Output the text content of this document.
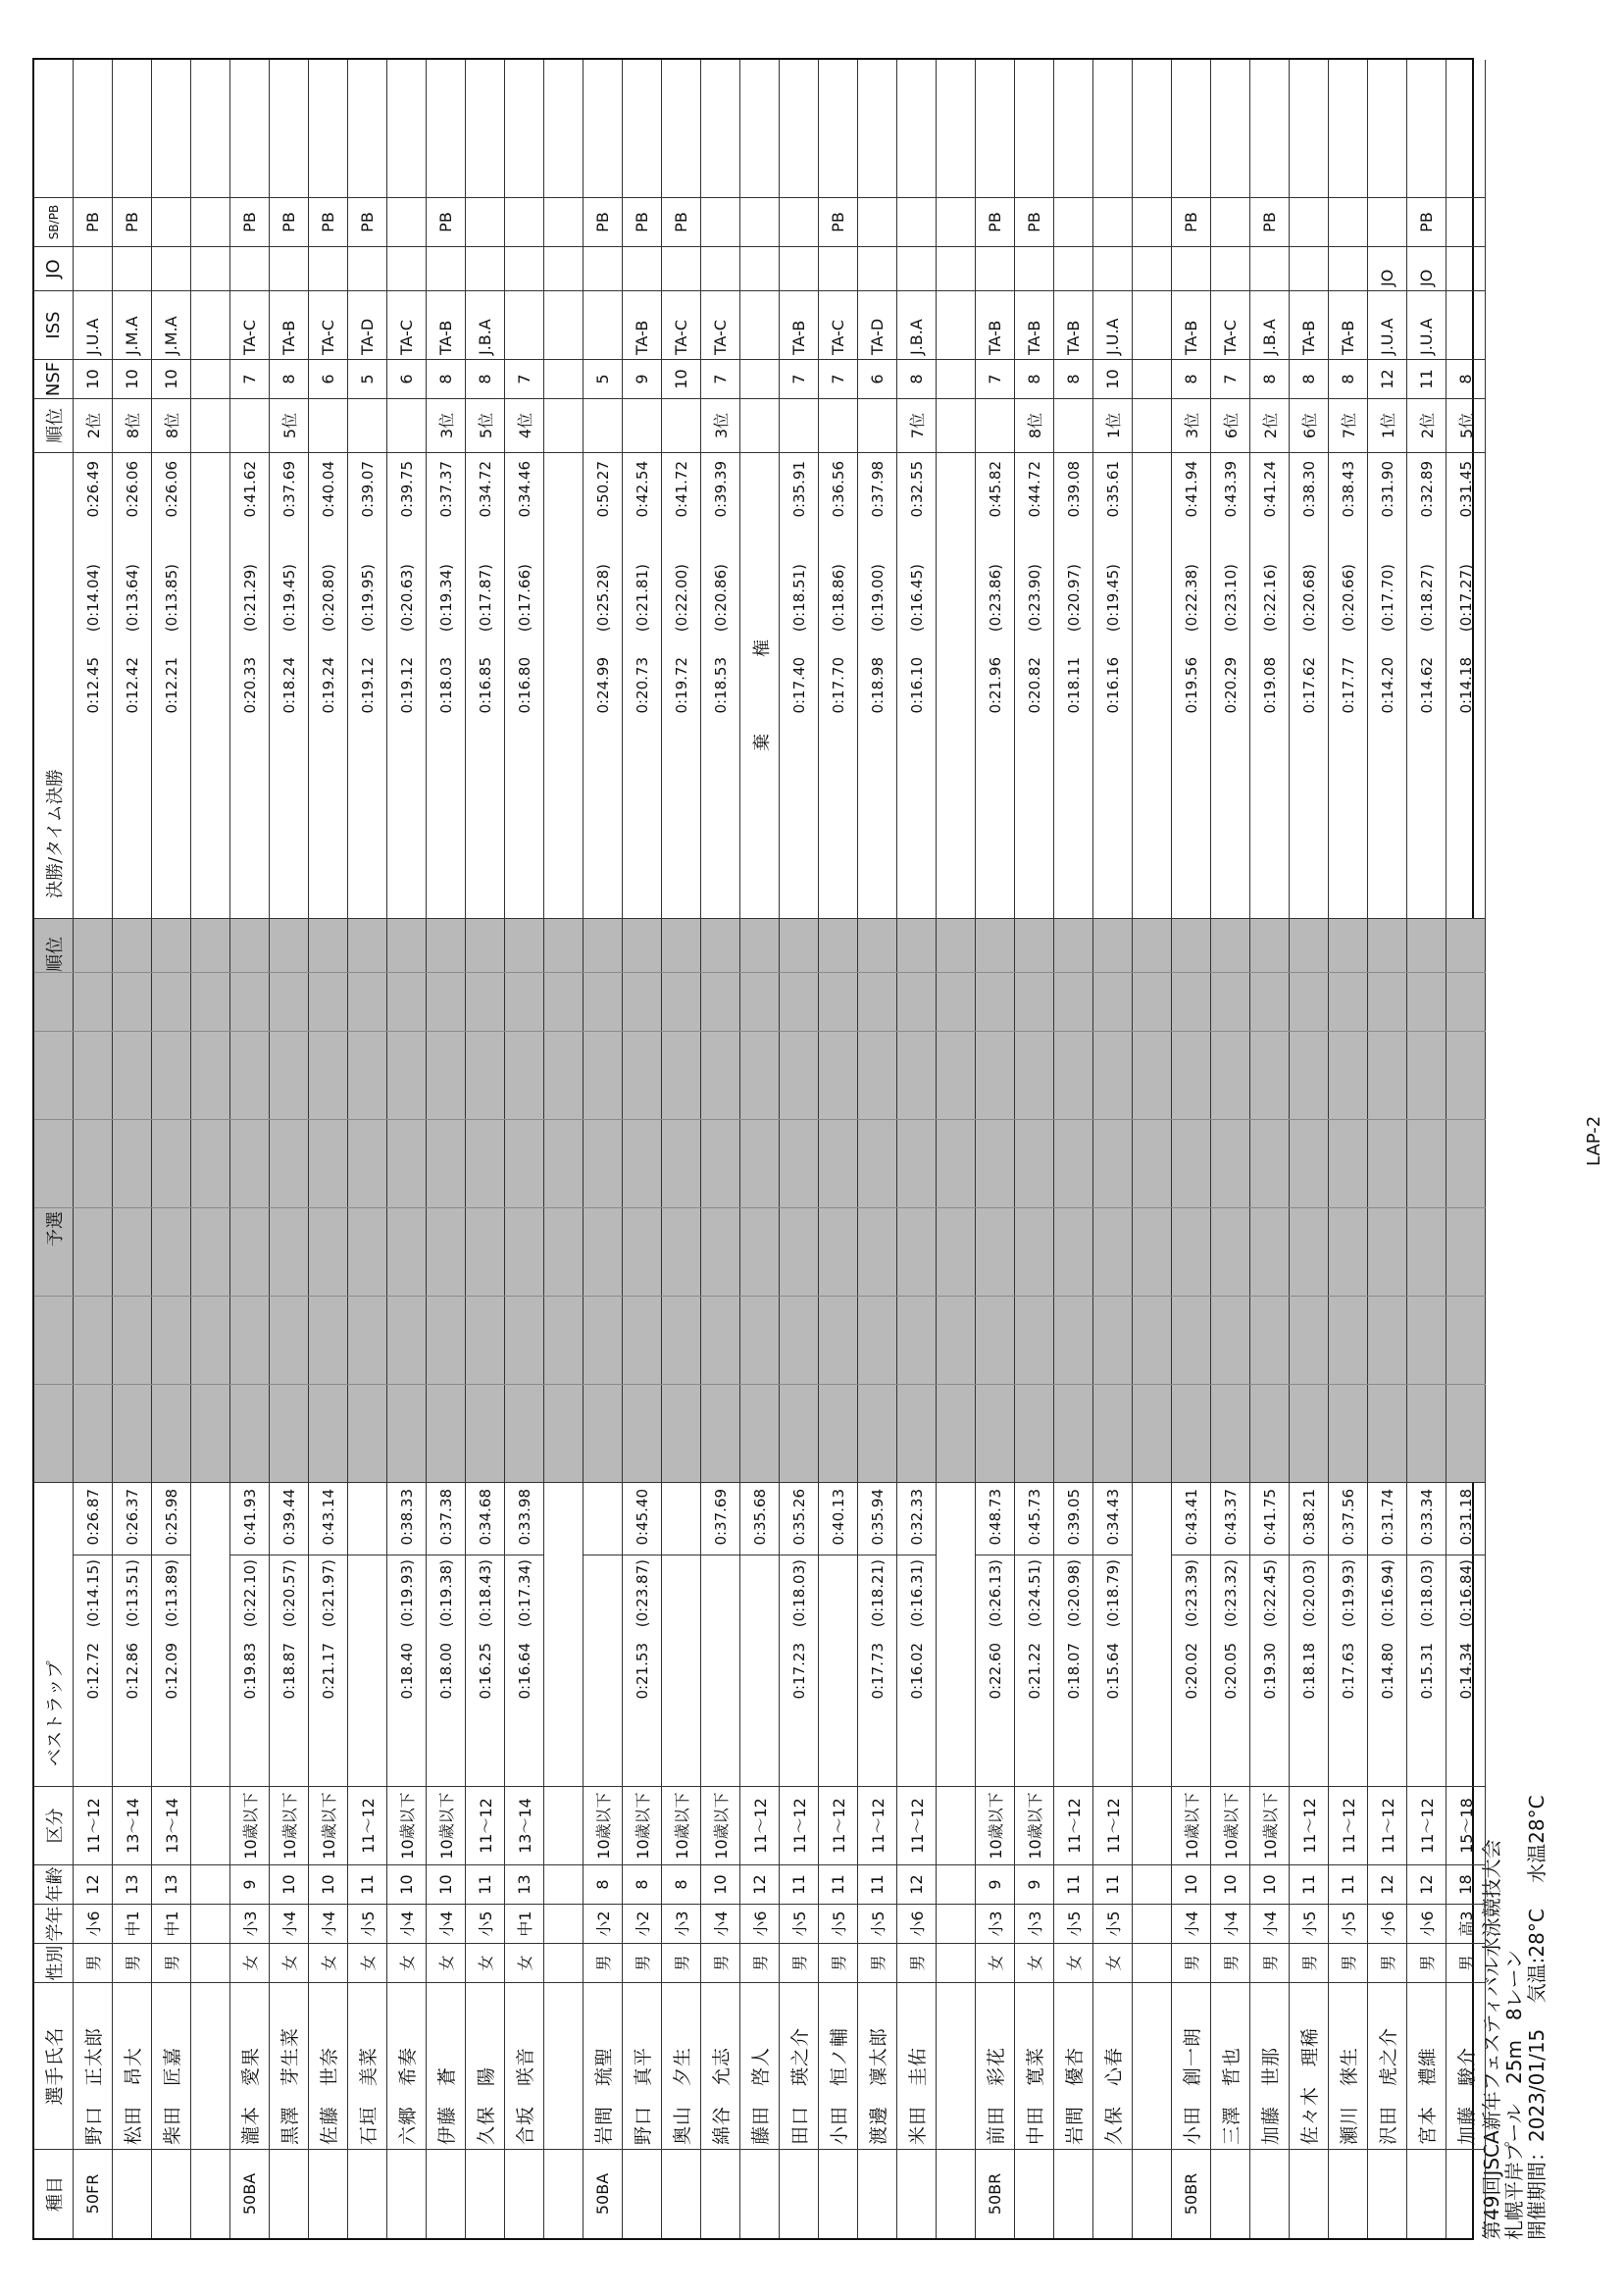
第49回JSCA新年フェスティバル水泳競技大会 札幌平岸プール　25m　8レーン 開催期間：2023/01/15　 気温:28°C　 水温28°C
種目
選手氏名
性別
学年
年齢
区分
ベストラップ
予選
順位
決勝/タイム決勝
順位
NSF
ISS
JO
SB/PB
50FR
野口　正太郎
男
小6
12
11～12
0:12.72
(0:14.15)
0:26.87
0:12.45
(0:14.04)
0:26.49
2位
10
J.U.A
PB
松田　昂大
男
中1
13
13～14
0:12.86
(0:13.51)
0:26.37
0:12.42
(0:13.64)
0:26.06
8位
10
J.M.A
PB
柴田　匠嘉
男
中1
13
13～14
0:12.09
(0:13.89)
0:25.98
0:12.21
(0:13.85)
0:26.06
8位
10
J.M.A
50BA
瀧本　愛果
女
小3
9
10歳以下
0:19.83
(0:22.10)
0:41.93
0:20.33
(0:21.29)
0:41.62
7
TA-C
PB
黒澤　芽生菜
女
小4
10
10歳以下
0:18.87
(0:20.57)
0:39.44
0:18.24
(0:19.45)
0:37.69
5位
8
TA-B
PB
佐藤　世奈
女
小4
10
10歳以下
0:21.17
(0:21.97)
0:43.14
0:19.24
(0:20.80)
0:40.04
6
TA-C
PB
石垣　美菜
女
小5
11
11～12
0:19.12
(0:19.95)
0:39.07
5
TA-D
PB
六郷　希奏
女
小4
10
10歳以下
0:18.40
(0:19.93)
0:38.33
0:19.12
(0:20.63)
0:39.75
6
TA-C
伊藤　蒼
女
小4
10
10歳以下
0:18.00
(0:19.38)
0:37.38
0:18.03
(0:19.34)
0:37.37
3位
8
TA-B
PB
久保　陽
女
小5
11
11～12
0:16.25
(0:18.43)
0:34.68
0:16.85
(0:17.87)
0:34.72
5位
8
J.B.A
合坂　咲音
女
中1
13
13～14
0:16.64
(0:17.34)
0:33.98
0:16.80
(0:17.66)
0:34.46
4位
7
50BA
岩間　琉聖
男
小2
8
10歳以下
0:24.99
(0:25.28)
0:50.27
5
PB
野口　真平
男
小2
8
10歳以下
0:21.53
(0:23.87)
0:45.40
0:20.73
(0:21.81)
0:42.54
9
TA-B
PB
奥山　夕生
男
小3
8
10歳以下
0:19.72
(0:22.00)
0:41.72
10
TA-C
PB
綿谷　允志
男
小4
10
10歳以下
0:37.69
0:18.53
(0:20.86)
0:39.39
3位
7
TA-C
藤田　啓人
男
小6
12
11～12
0:35.68
棄　権
田口　瑛之介
男
小5
11
11～12
0:17.23
(0:18.03)
0:35.26
0:17.40
(0:18.51)
0:35.91
7
TA-B
小田　恒ノ輔
男
小5
11
11～12
0:40.13
0:17.70
(0:18.86)
0:36.56
7
TA-C
PB
渡邊　凜太郎
男
小5
11
11～12
0:17.73
(0:18.21)
0:35.94
0:18.98
(0:19.00)
0:37.98
6
TA-D
米田　圭佑
男
小6
12
11～12
0:16.02
(0:16.31)
0:32.33
0:16.10
(0:16.45)
0:32.55
7位
8
J.B.A
50BR
前田　彩花
女
小3
9
10歳以下
0:22.60
(0:26.13)
0:48.73
0:21.96
(0:23.86)
0:45.82
7
TA-B
PB
中田　寛菜
女
小3
9
10歳以下
0:21.22
(0:24.51)
0:45.73
0:20.82
(0:23.90)
0:44.72
8位
8
TA-B
PB
岩間　優杏
女
小5
11
11～12
0:18.07
(0:20.98)
0:39.05
0:18.11
(0:20.97)
0:39.08
8
TA-B
久保　心春
女
小5
11
11～12
0:15.64
(0:18.79)
0:34.43
0:16.16
(0:19.45)
0:35.61
1位
10
J.U.A
50BR
小田　創一朗
男
小4
10
10歳以下
0:20.02
(0:23.39)
0:43.41
0:19.56
(0:22.38)
0:41.94
3位
8
TA-B
PB
三澤　哲也
男
小4
10
10歳以下
0:20.05
(0:23.32)
0:43.37
0:20.29
(0:23.10)
0:43.39
6位
7
TA-C
加藤　世那
男
小4
10
10歳以下
0:19.30
(0:22.45)
0:41.75
0:19.08
(0:22.16)
0:41.24
2位
8
J.B.A
PB
佐々木　理稀
男
小5
11
11～12
0:18.18
(0:20.03)
0:38.21
0:17.62
(0:20.68)
0:38.30
6位
8
TA-B
瀬川　徠生
男
小5
11
11～12
0:17.63
(0:19.93)
0:37.56
0:17.77
(0:20.66)
0:38.43
7位
8
TA-B
沢田　虎之介
男
小6
12
11～12
0:14.80
(0:16.94)
0:31.74
0:14.20
(0:17.70)
0:31.90
1位
12
J.U.A
JO
宮本　禮維
男
小6
12
11～12
0:15.31
(0:18.03)
0:33.34
0:14.62
(0:18.27)
0:32.89
2位
11
J.U.A
JO
PB
加藤　駿介
男
高3
18
15～18
0:14.34
(0:16.84)
0:31.18
0:14.18
(0:17.27)
0:31.45
5位
8
LAP-2
